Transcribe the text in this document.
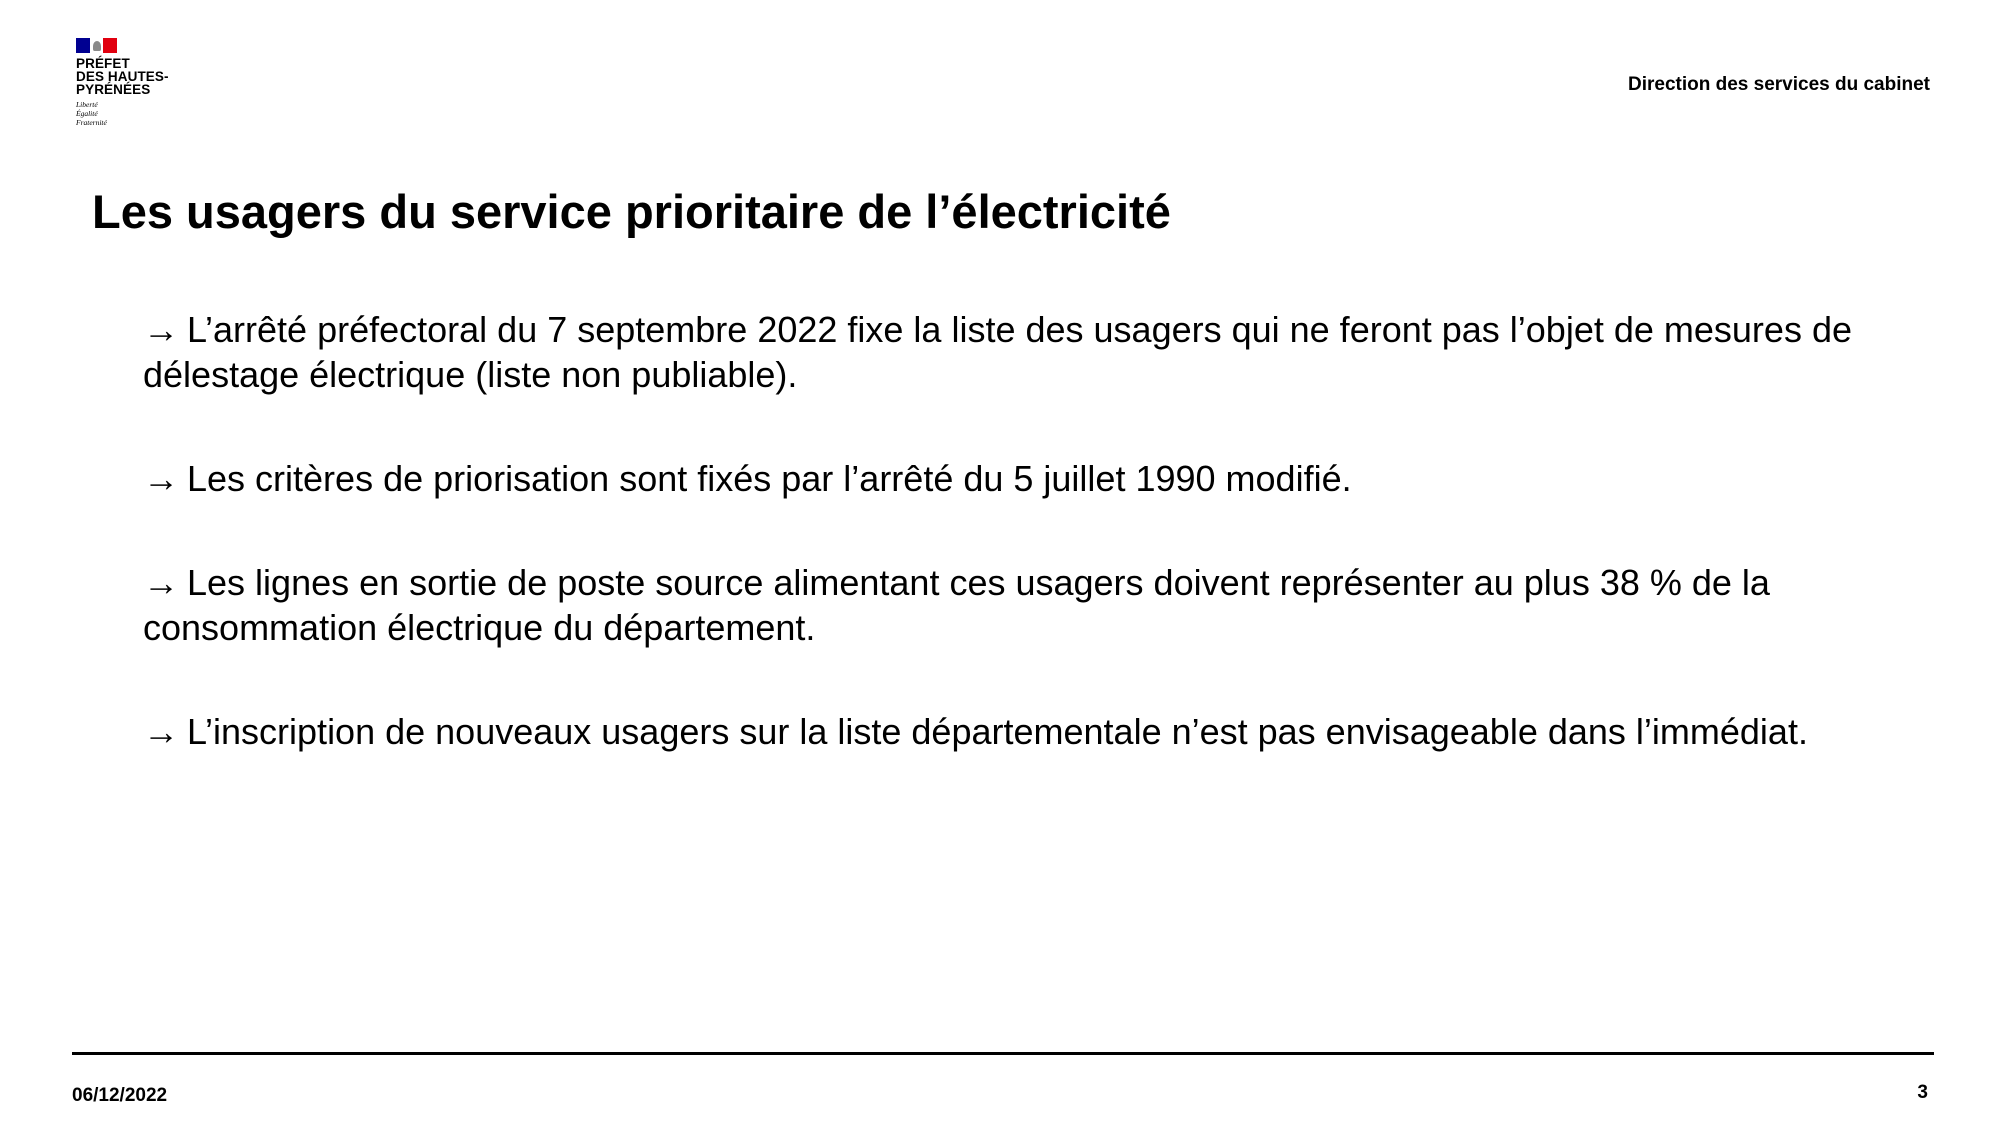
PRÉFET
DES HAUTES-
PYRÉNÉES
Liberté
Égalité
Fraternité
Direction des services du cabinet
Les usagers du service prioritaire de l’électricité
→ L’arrêté préfectoral du 7 septembre 2022 fixe la liste des usagers qui ne feront pas l’objet de mesures de délestage électrique (liste non publiable).
→ Les critères de priorisation sont fixés par l’arrêté du 5 juillet 1990 modifié.
→ Les lignes en sortie de poste source alimentant ces usagers doivent représenter au plus 38 % de la consommation électrique du département.
→ L’inscription de nouveaux usagers sur la liste départementale n’est pas envisageable dans l’immédiat.
06/12/2022	3
